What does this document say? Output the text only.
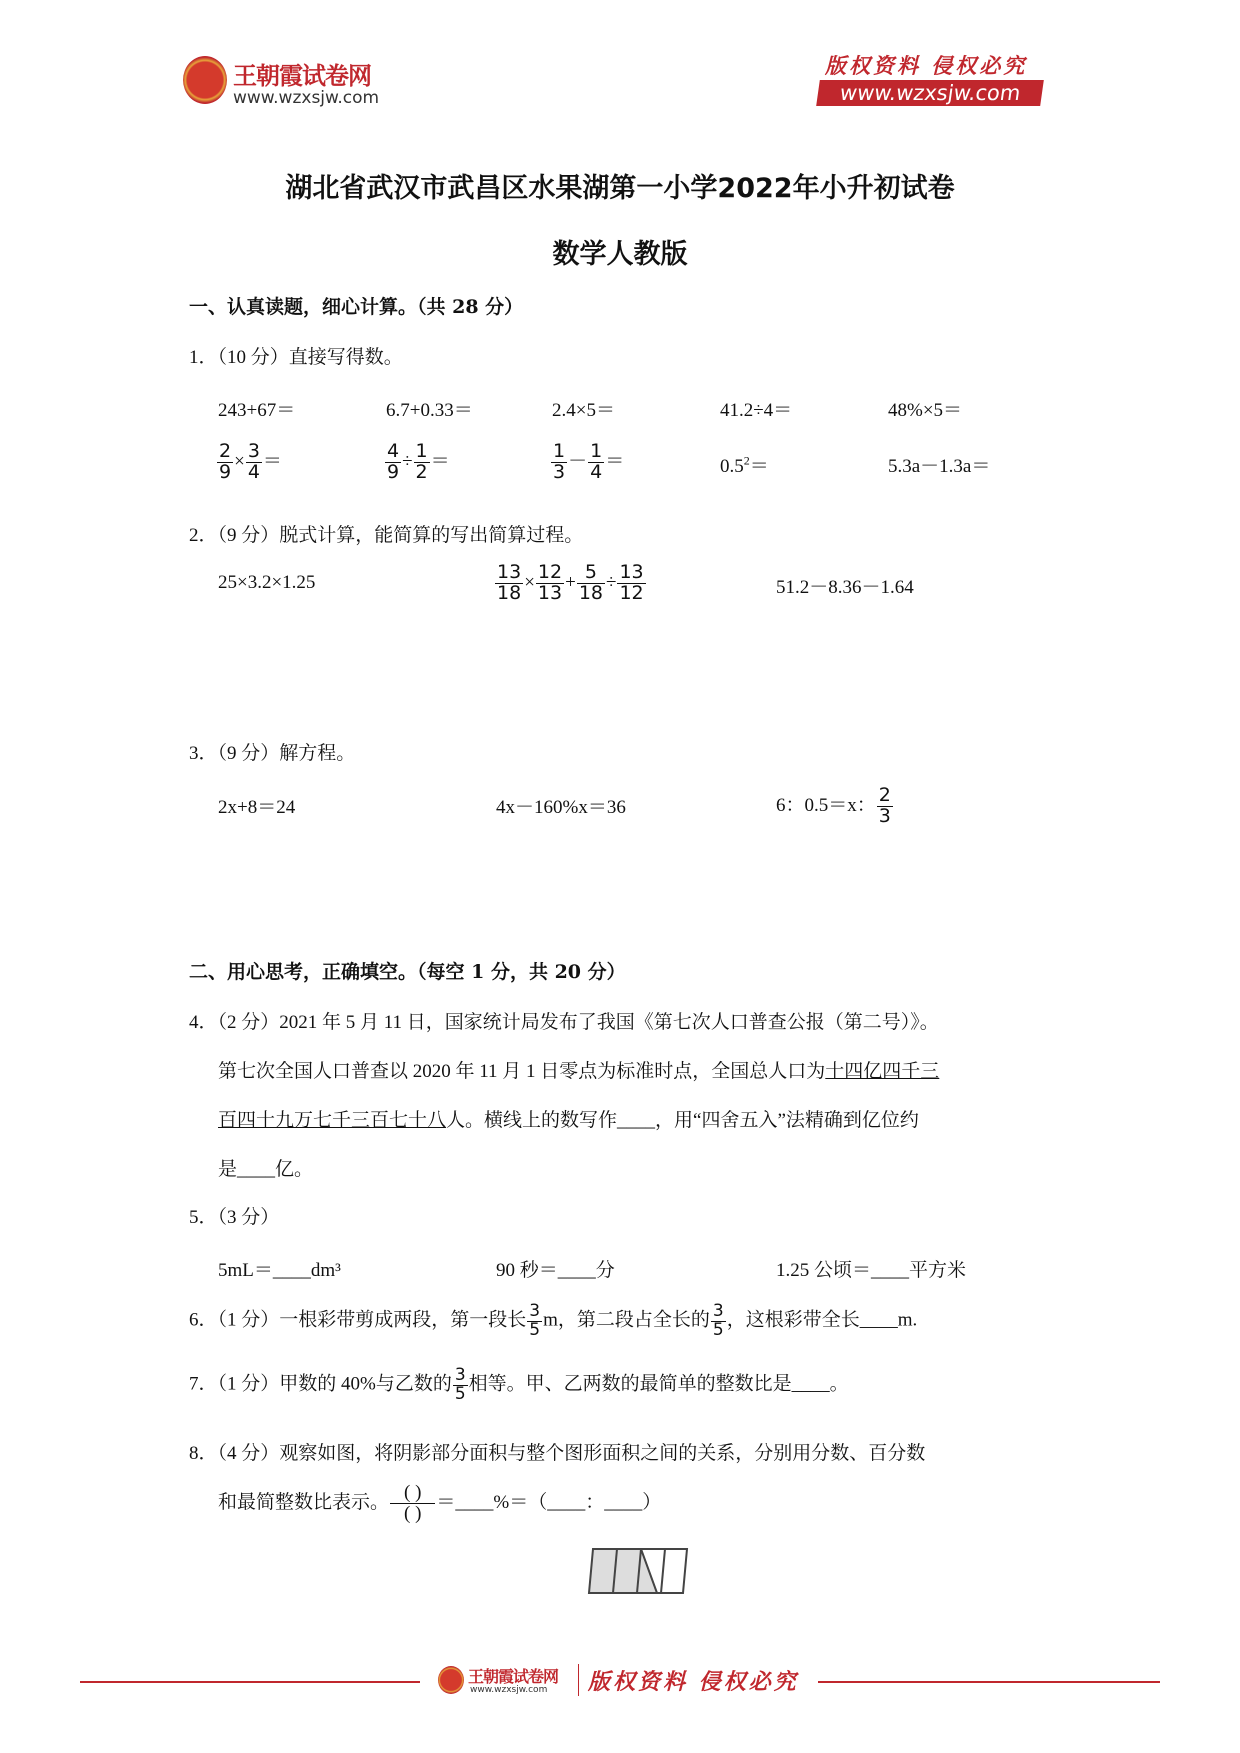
王朝霞试卷网
www.wzxsjw.com
版权资料 侵权必究
www.wzxsjw.com
湖北省武汉市武昌区水果湖第一小学2022年小升初试卷
数学人教版
一、认真读题，细心计算。（共 28 分）
1．（10 分）直接写得数。
243+67＝	6.7+0.33＝	2.4×5＝	41.2÷4＝	48%×5＝
$\frac{2}{9} \times \frac{3}{4}$ ＝	$\frac{4}{9} \div \frac{1}{2}$ ＝	$\frac{1}{3} - \frac{1}{4}$ ＝	$0.5^2=$	5.3a－1.3a＝
2．（9 分）脱式计算，能简算的写出简算过程。
25×3.2×1.25	$\frac{13}{18} \times \frac{12}{13} + \frac{5}{18} \div \frac{13}{12}$	51.2－8.36－1.64
3．（9 分）解方程。
2x+8＝24	4x－160%x＝36	6：0.5＝x： $\frac{2}{3}$
二、用心思考，正确填空。（每空 1 分，共 20 分）
4．（2 分）2021 年 5 月 11 日，国家统计局发布了我国《第七次人口普查公报（第二号）》。
第七次全国人口普查以 2020 年 11 月 1 日零点为标准时点，全国总人口为十四亿四千三
百四十九万七千三百七十八人。横线上的数写作____，用“四舍五入”法精确到亿位约
是____亿。
5．（3 分）
5mL＝____dm³	90 秒＝____分	1.25 公顷＝____平方米
6．（1 分）一根彩带剪成两段，第一段长 $\frac{3}{5}$ m，第二段占全长的 $\frac{3}{5}$ ，这根彩带全长____m.
7．（1 分）甲数的 40%与乙数的 $\frac{3}{5}$ 相等。甲、乙两数的最简单的整数比是____。
8．（4 分）观察如图，将阴影部分面积与整个图形面积之间的关系，分别用分数、百分数
和最简整数比表示。 $\frac{( )}{( )}$ ＝____%＝（____：____）
王朝霞试卷网
www.wzxsjw.com 版权资料 侵权必究
